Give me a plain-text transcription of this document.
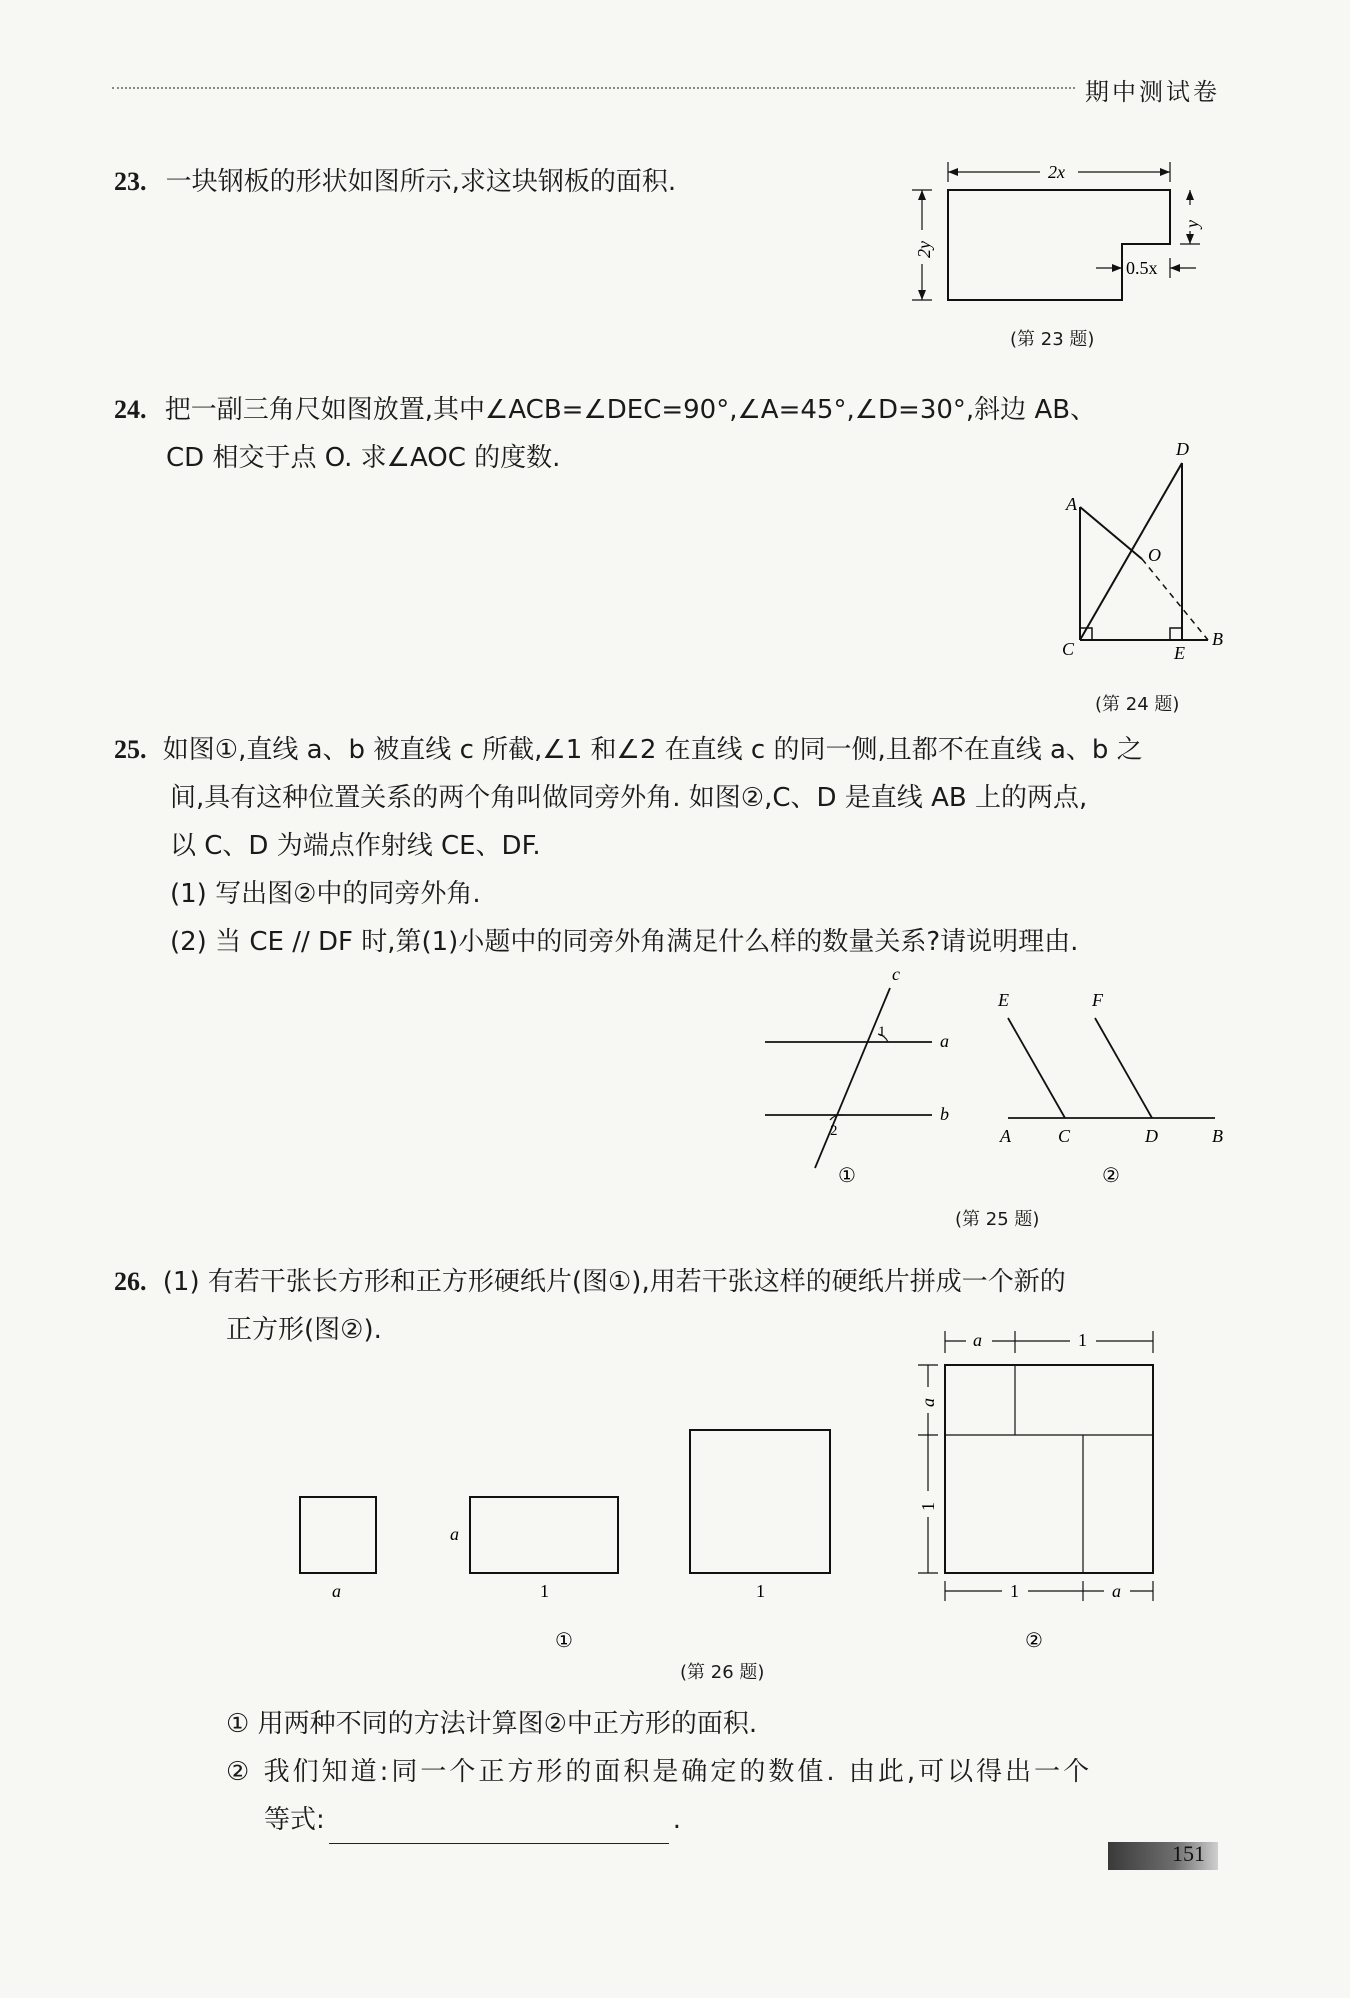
期中测试卷
23. 一块钢板的形状如图所示,求这块钢板的面积.	2x
2y
y
0.5x
(第 23 题)
24. 把一副三角尺如图放置,其中∠ACB=∠DEC=90°,∠A=45°,∠D=30°,斜边 AB、
CD 相交于点 O. 求∠AOC 的度数.
A
B
C
D
E
O
(第 24 题)
25. 如图①,直线 a、b 被直线 c 所截,∠1 和∠2 在直线 c 的同一侧,且都不在直线 a、b 之
间,具有这种位置关系的两个角叫做同旁外角. 如图②,C、D 是直线 AB 上的两点,
以 C、D 为端点作射线 CE、DF.
(1) 写出图②中的同旁外角.
(2) 当 CE // DF 时,第(1)小题中的同旁外角满足什么样的数量关系?请说明理由.
c
a
b
1
2
①
E	F
A	C	D	B
②
(第 25 题)
26. (1) 有若干张长方形和正方形硬纸片(图①),用若干张这样的硬纸片拼成一个新的
正方形(图②).
a
a
1	1
①
a	1
a
1
1	a
②
(第 26 题)
① 用两种不同的方法计算图②中正方形的面积.
② 我们知道:同一个正方形的面积是确定的数值. 由此,可以得出一个
等式:	.
151
